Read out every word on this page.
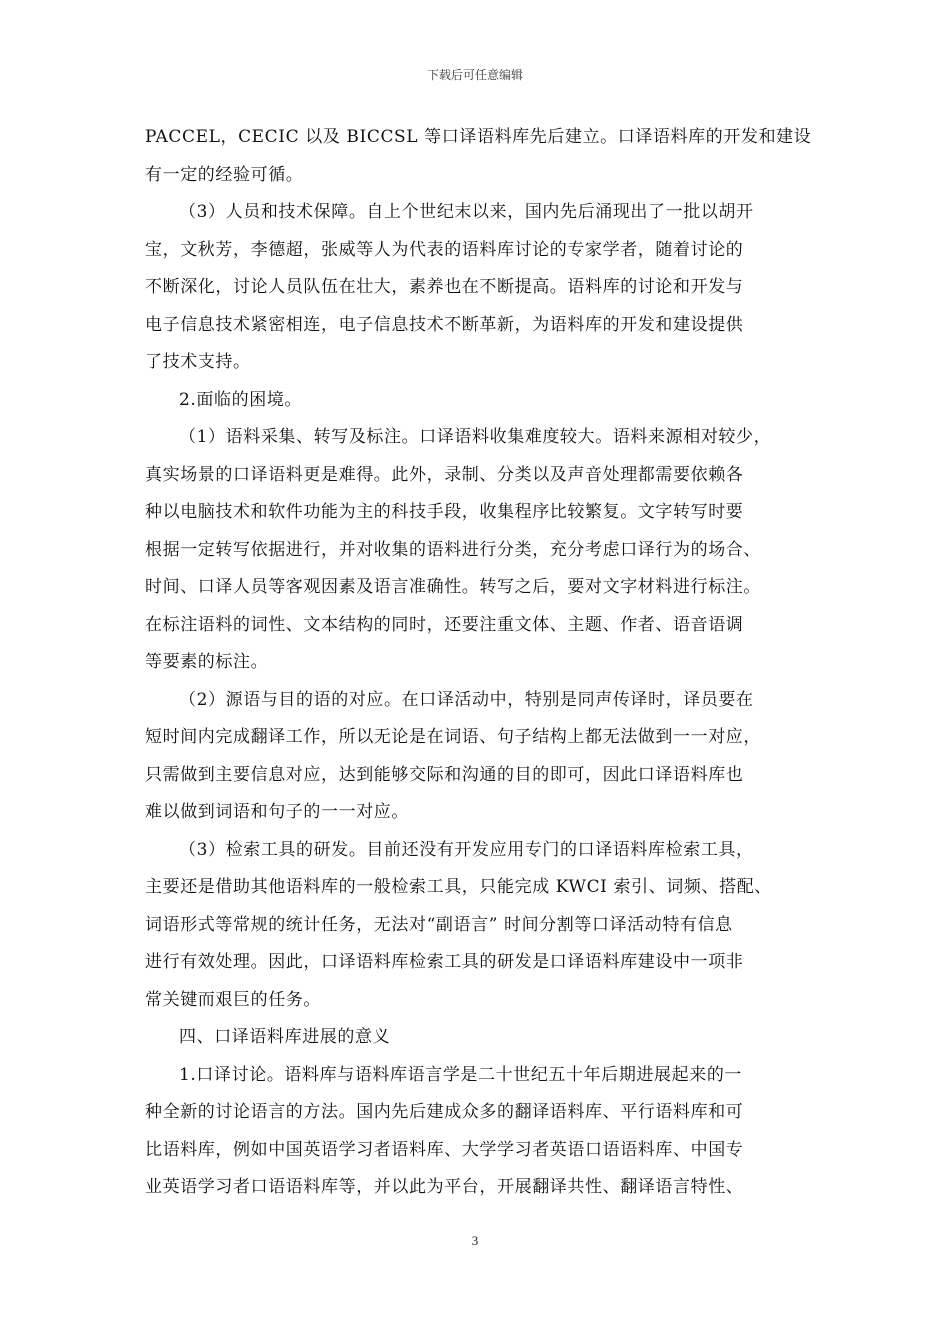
下载后可任意编辑

PACCEL，CECIC 以及 BICCSL 等口译语料库先后建立。口译语料库的开发和建设
有一定的经验可循。

（3）人员和技术保障。自上个世纪末以来，国内先后涌现出了一批以胡开
宝，文秋芳，李德超，张威等人为代表的语料库讨论的专家学者，随着讨论的
不断深化，讨论人员队伍在壮大，素养也在不断提高。语料库的讨论和开发与
电子信息技术紧密相连，电子信息技术不断革新，为语料库的开发和建设提供
了技术支持。

2.面临的困境。

（1）语料采集、转写及标注。口译语料收集难度较大。语料来源相对较少，
真实场景的口译语料更是难得。此外，录制、分类以及声音处理都需要依赖各
种以电脑技术和软件功能为主的科技手段，收集程序比较繁复。文字转写时要
根据一定转写依据进行，并对收集的语料进行分类，充分考虑口译行为的场合、
时间、口译人员等客观因素及语言准确性。转写之后，要对文字材料进行标注。
在标注语料的词性、文本结构的同时，还要注重文体、主题、作者、语音语调
等要素的标注。

（2）源语与目的语的对应。在口译活动中，特别是同声传译时，译员要在
短时间内完成翻译工作，所以无论是在词语、句子结构上都无法做到一一对应，
只需做到主要信息对应，达到能够交际和沟通的目的即可，因此口译语料库也
难以做到词语和句子的一一对应。

（3）检索工具的研发。目前还没有开发应用专门的口译语料库检索工具，
主要还是借助其他语料库的一般检索工具，只能完成 KWCI 索引、词频、搭配、
词语形式等常规的统计任务，无法对“副语言” 时间分割等口译活动特有信息
进行有效处理。因此，口译语料库检索工具的研发是口译语料库建设中一项非
常关键而艰巨的任务。

四、口译语料库进展的意义

1.口译讨论。语料库与语料库语言学是二十世纪五十年后期进展起来的一
种全新的讨论语言的方法。国内先后建成众多的翻译语料库、平行语料库和可
比语料库，例如中国英语学习者语料库、大学学习者英语口语语料库、中国专
业英语学习者口语语料库等，并以此为平台，开展翻译共性、翻译语言特性、

3
